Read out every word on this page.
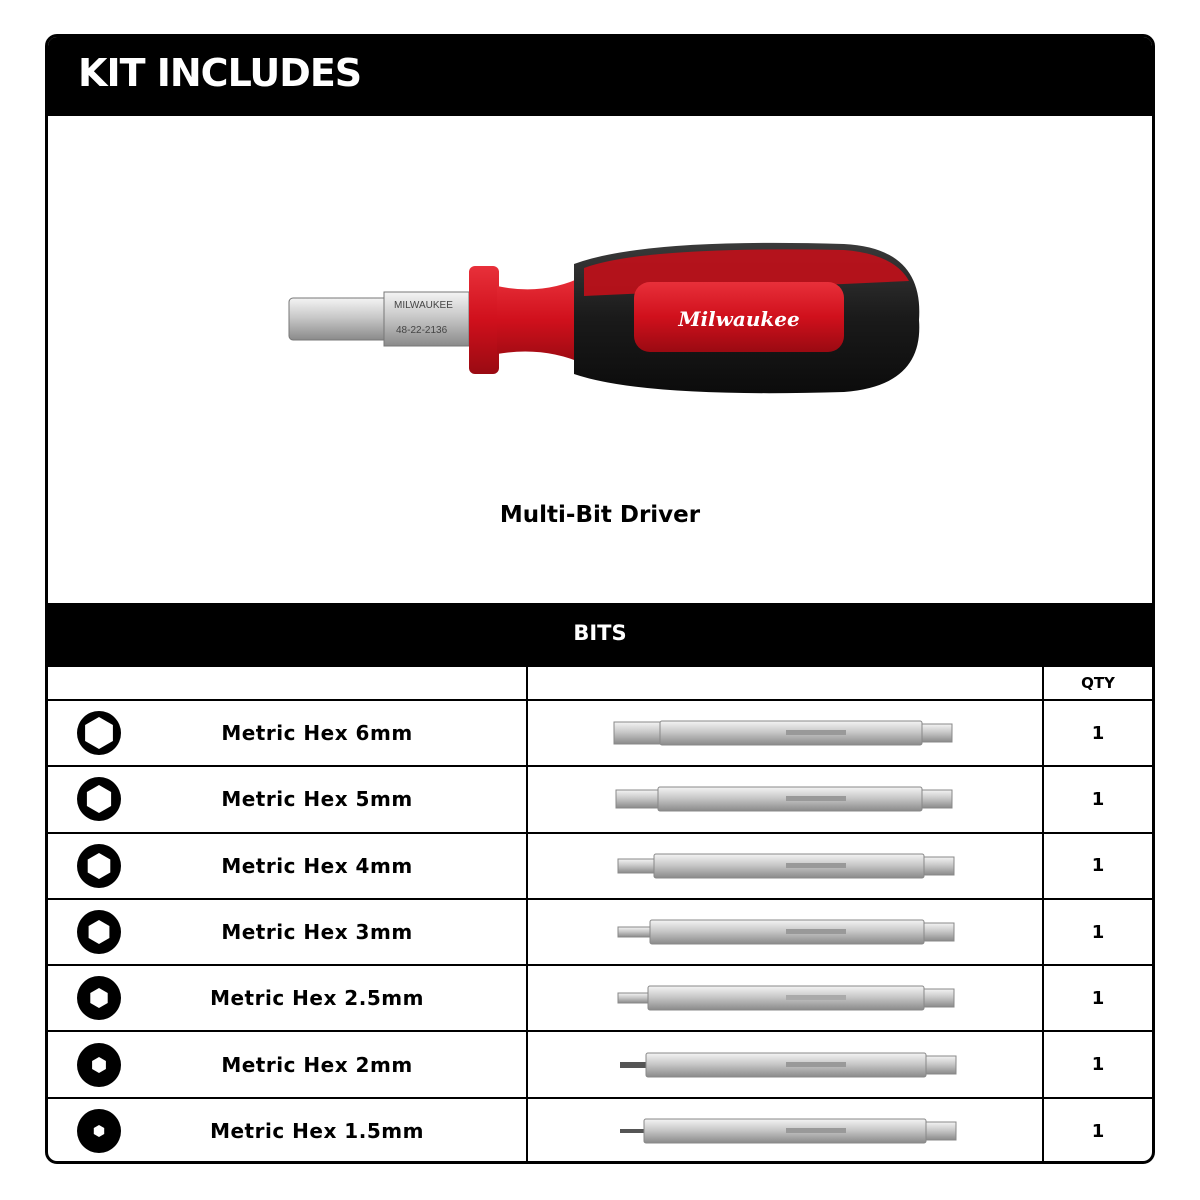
KIT INCLUDES
MILWAUKEE
48-22-2136	Milwaukee
Multi-Bit Driver
BITS
		QTY

Metric Hex 6mm		1

Metric Hex 5mm		1

Metric Hex 4mm		1

Metric Hex 3mm		1

Metric Hex 2.5mm		1

Metric Hex 2mm		1

Metric Hex 1.5mm		1
